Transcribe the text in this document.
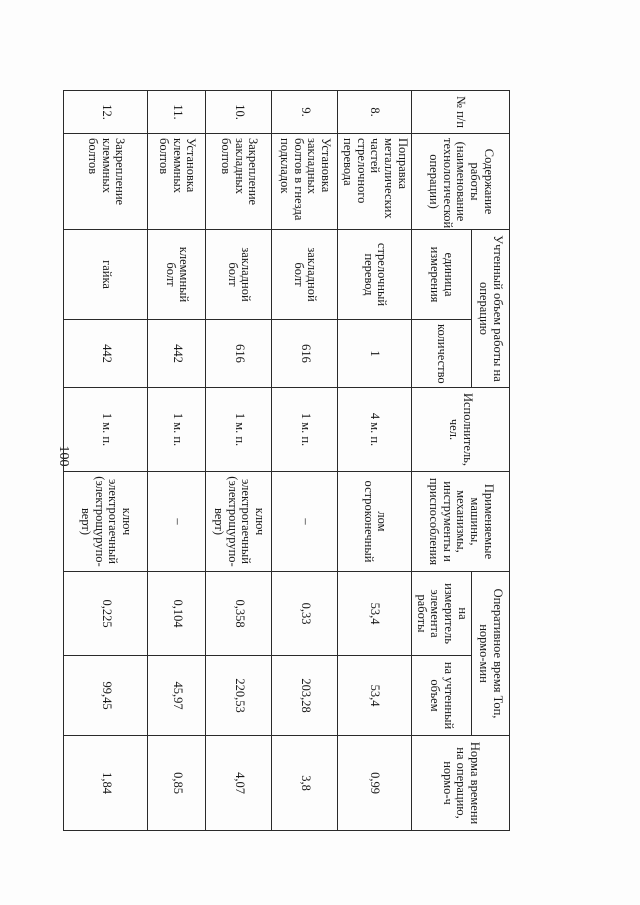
100
№ п/п	Содержание работы (наименование технологической операции)	Учтенный объем работы на операцию		Исполнитель, чел.	Применяемые машины, механизмы, инструменты и приспособления	Оперативное время Топ, нормо-мин		Норма времени на операцию, нормо-ч
		единица измерения	количество			на измеритель элемента работы	на учтенный объем	
8.	Поправка металлических частей стрелочного перевода	стрелочный перевод	1	4 м. п.	лом остроконечный	53,4	53,4	0,99
9.	Установка закладных болтов в гнезда подкладок	закладной болт	616	1 м. п.	–	0,33	203,28	3,8
10.	Закрепление закладных болтов	закладной болт	616	1 м. п.	ключ электрогаечный (электрощурупо-верт)	0,358	220,53	4,07
11.	Установка клеммных болтов	клеммный болт	442	1 м. п.	–	0,104	45,97	0,85
12.	Закрепление клеммных болтов	гайка	442	1 м. п.	ключ электрогаечный (электрощурупо-верт)	0,225	99,45	1,84
